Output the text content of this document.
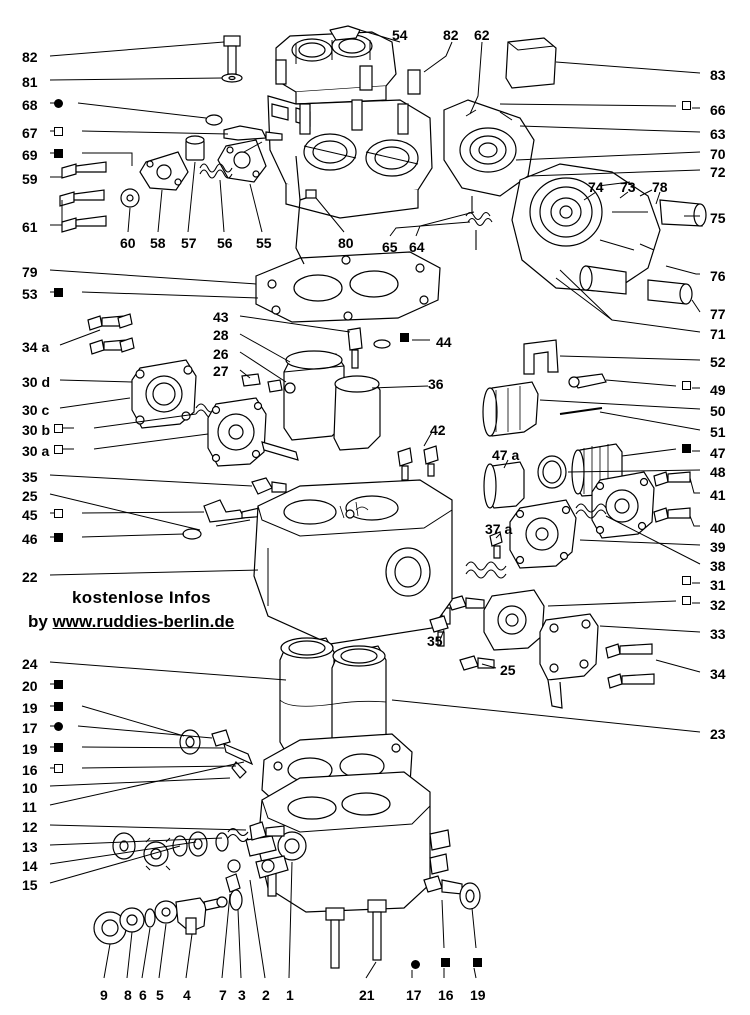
82
81
68
67
69
59
61
79
53
34 a
30 d
30 c
30 b
30 a
35
25
45
46
22
24
20
19
17
19
16
10
11
12
13
14
15
54	82 62
83
66
63
70
72
74 73 78
75
76
77
71
60 58 57 56 55	80 65 64
43
28
26
27
44
36
42
52
49
50
51
47
48
41
40
39
38
31
32
33
34
23
47 a
37 a
35
25
9 8 6 5 4 7 3 2 1	21 17 16 19
kostenlose Infos
by www.ruddies-berlin.de
